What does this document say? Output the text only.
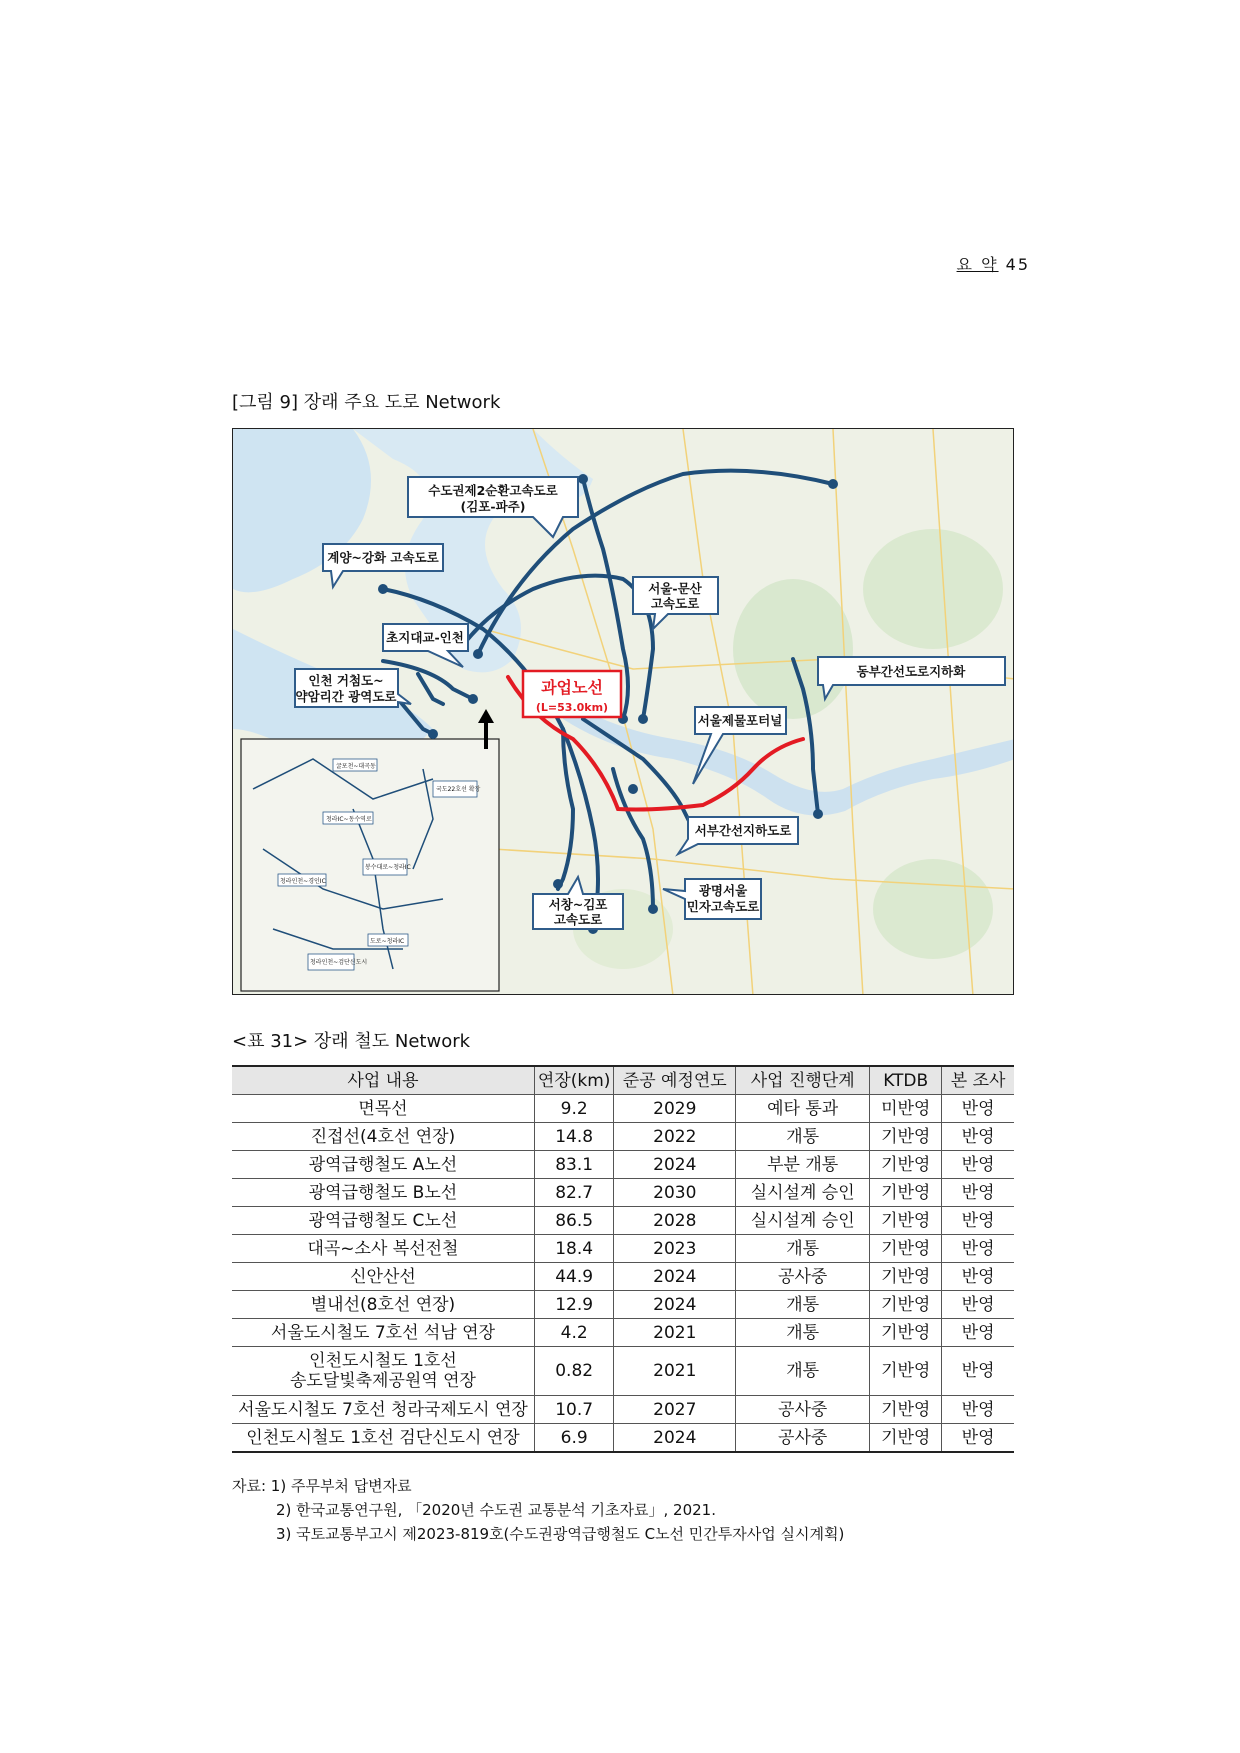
요 약 45
[그림 9] 장래 주요 도로 Network
굴포천~대곡동
국도22호선 확장
청라IC~동수역로
봉수대로~청라IC
청라인천~경인IC
도로~청라IC
청라인천~검단신도시
수도권제2순환고속도로
(김포-파주)
계양~강화 고속도로
서울-문산
고속도로
초지대교-인천
과업노선
(L=53.0km)
동부간선도로지하화
인천 거첨도~
약암리간 광역도로
서울제물포터널
서부간선지하도로
광명서울
민자고속도로
서창~김포
고속도로
<표 31> 장래 철도 Network
사업 내용	연장(km)	준공 예정연도	사업 진행단계	KTDB	본 조사
면목선	9.2	2029	예타 통과	미반영	반영
진접선(4호선 연장)	14.8	2022	개통	기반영	반영
광역급행철도 A노선	83.1	2024	부분 개통	기반영	반영
광역급행철도 B노선	82.7	2030	실시설계 승인	기반영	반영
광역급행철도 C노선	86.5	2028	실시설계 승인	기반영	반영
대곡~소사 복선전철	18.4	2023	개통	기반영	반영
신안산선	44.9	2024	공사중	기반영	반영
별내선(8호선 연장)	12.9	2024	개통	기반영	반영
서울도시철도 7호선 석남 연장	4.2	2021	개통	기반영	반영

인천도시철도 1호선
송도달빛축제공원역 연장	0.82	2021	개통	기반영	반영
서울도시철도 7호선 청라국제도시 연장	10.7	2027	공사중	기반영	반영
인천도시철도 1호선 검단신도시 연장	6.9	2024	공사중	기반영	반영
자료: 1) 주무부처 답변자료
2) 한국교통연구원, 「2020년 수도권 교통분석 기초자료」, 2021.
3) 국토교통부고시 제2023-819호(수도권광역급행철도 C노선 민간투자사업 실시계획)
